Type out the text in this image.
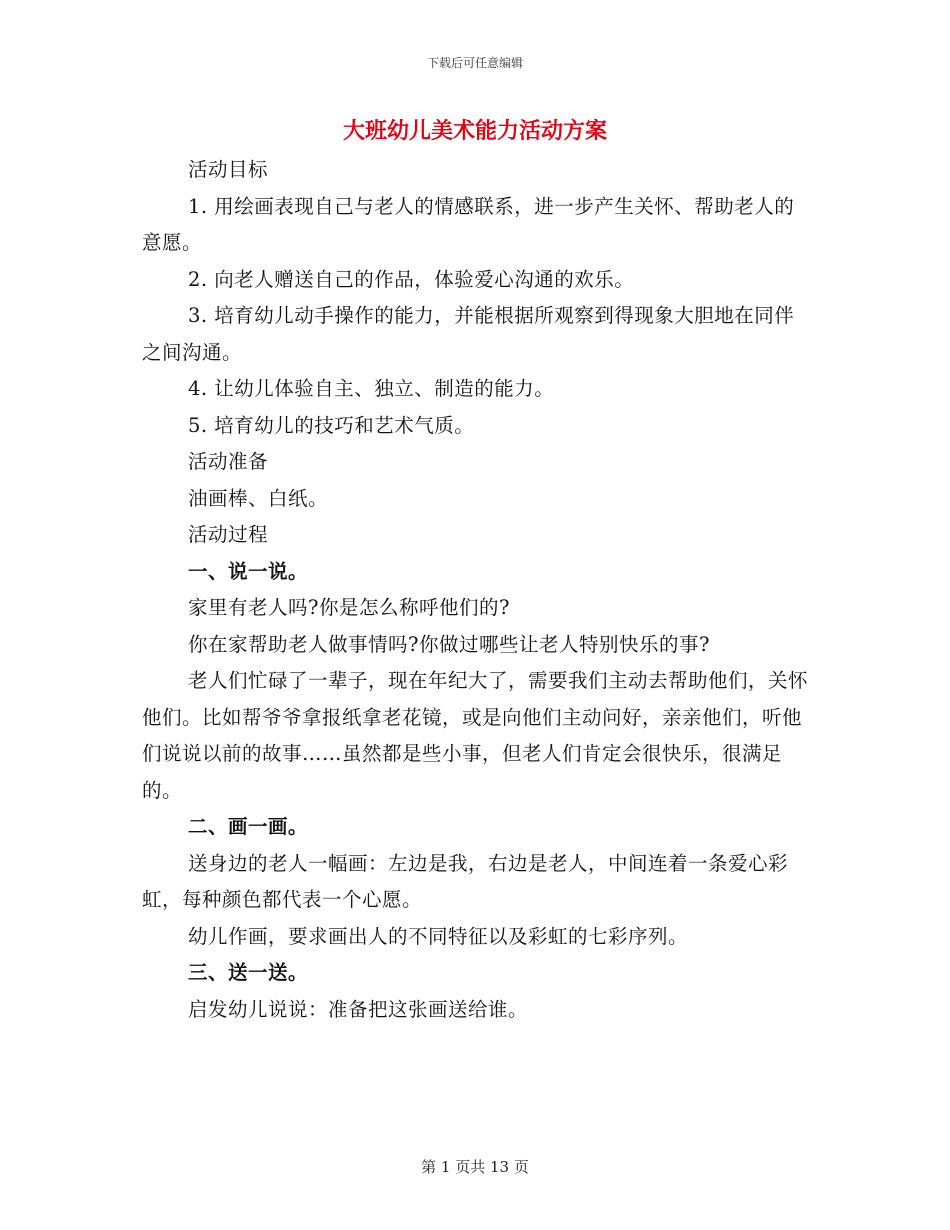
下载后可任意编辑
大班幼儿美术能力活动方案

活动目标

1. 用绘画表现自己与老人的情感联系，进一步产生关怀、帮助老人的意愿。

2. 向老人赠送自己的作品，体验爱心沟通的欢乐。

3. 培育幼儿动手操作的能力，并能根据所观察到得现象大胆地在同伴之间沟通。

4. 让幼儿体验自主、独立、制造的能力。

5. 培育幼儿的技巧和艺术气质。

活动准备

油画棒、白纸。

活动过程

一、说一说。

家里有老人吗?你是怎么称呼他们的?

你在家帮助老人做事情吗?你做过哪些让老人特别快乐的事?

老人们忙碌了一辈子，现在年纪大了，需要我们主动去帮助他们，关怀他们。比如帮爷爷拿报纸拿老花镜，或是向他们主动问好，亲亲他们，听他们说说以前的故事……虽然都是些小事，但老人们肯定会很快乐，很满足的。

二、画一画。

送身边的老人一幅画：左边是我，右边是老人，中间连着一条爱心彩虹，每种颜色都代表一个心愿。

幼儿作画，要求画出人的不同特征以及彩虹的七彩序列。

三、送一送。

启发幼儿说说：准备把这张画送给谁。

第 1 页共 13 页
